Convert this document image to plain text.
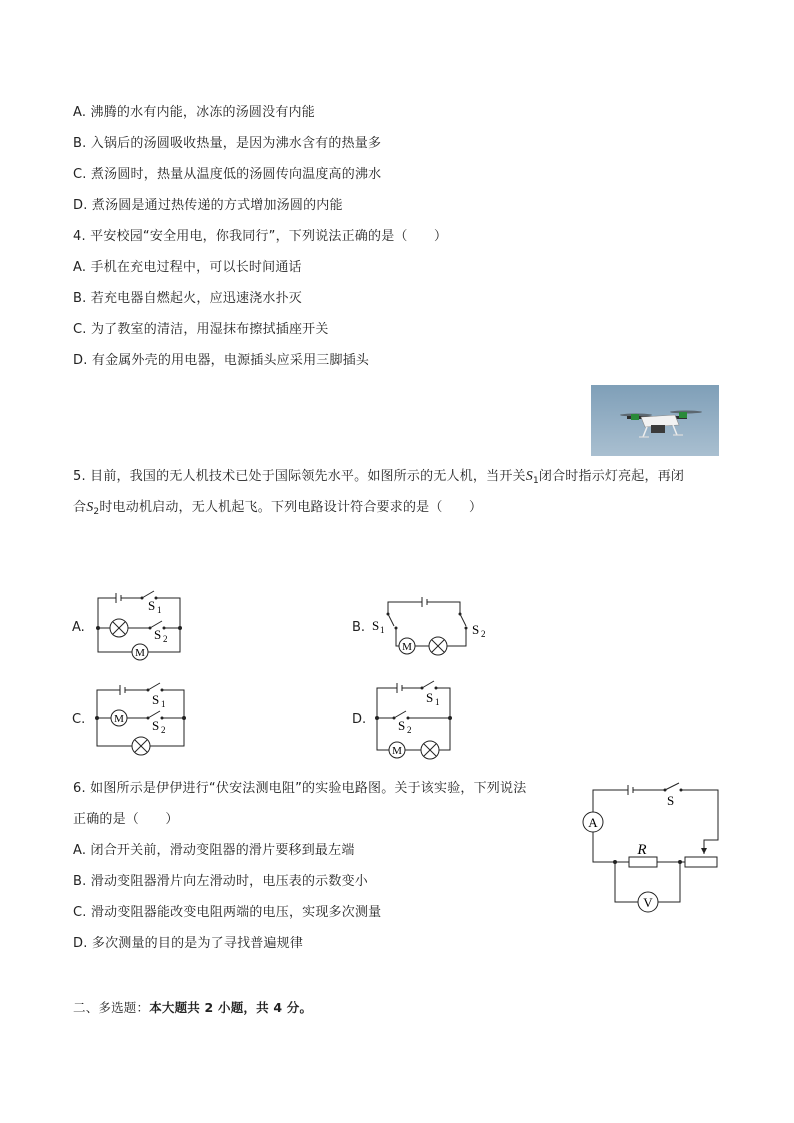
A. 沸腾的水有内能，冰冻的汤圆没有内能
B. 入锅后的汤圆吸收热量，是因为沸水含有的热量多
C. 煮汤圆时，热量从温度低的汤圆传向温度高的沸水
D. 煮汤圆是通过热传递的方式增加汤圆的内能
4. 平安校园“安全用电，你我同行”，下列说法正确的是（　　）
A. 手机在充电过程中，可以长时间通话
B. 若充电器自燃起火，应迅速浇水扑灭
C. 为了教室的清洁，用湿抹布擦拭插座开关
D. 有金属外壳的用电器，电源插头应采用三脚插头
5. 目前，我国的无人机技术已处于国际领先水平。如图所示的无人机，当开关$S_1$闭合时指示灯亮起，再闭
合$S_2$时电动机启动，无人机起飞。下列电路设计符合要求的是（　　）
A.	B.
C.	D.
M
S 1
S 2
M
S 1	S 2
M
S 1
S 2
M
S 1
S 2
6. 如图所示是伊伊进行“伏安法测电阻”的实验电路图。关于该实验，下列说法
正确的是（　　）
A. 闭合开关前，滑动变阻器的滑片要移到最左端
B. 滑动变阻器滑片向左滑动时，电压表的示数变小
C. 滑动变阻器能改变电阻两端的电压，实现多次测量
D. 多次测量的目的是为了寻找普遍规律
A
V
R
S
二、多选题：本大题共 2 小题，共 4 分。
